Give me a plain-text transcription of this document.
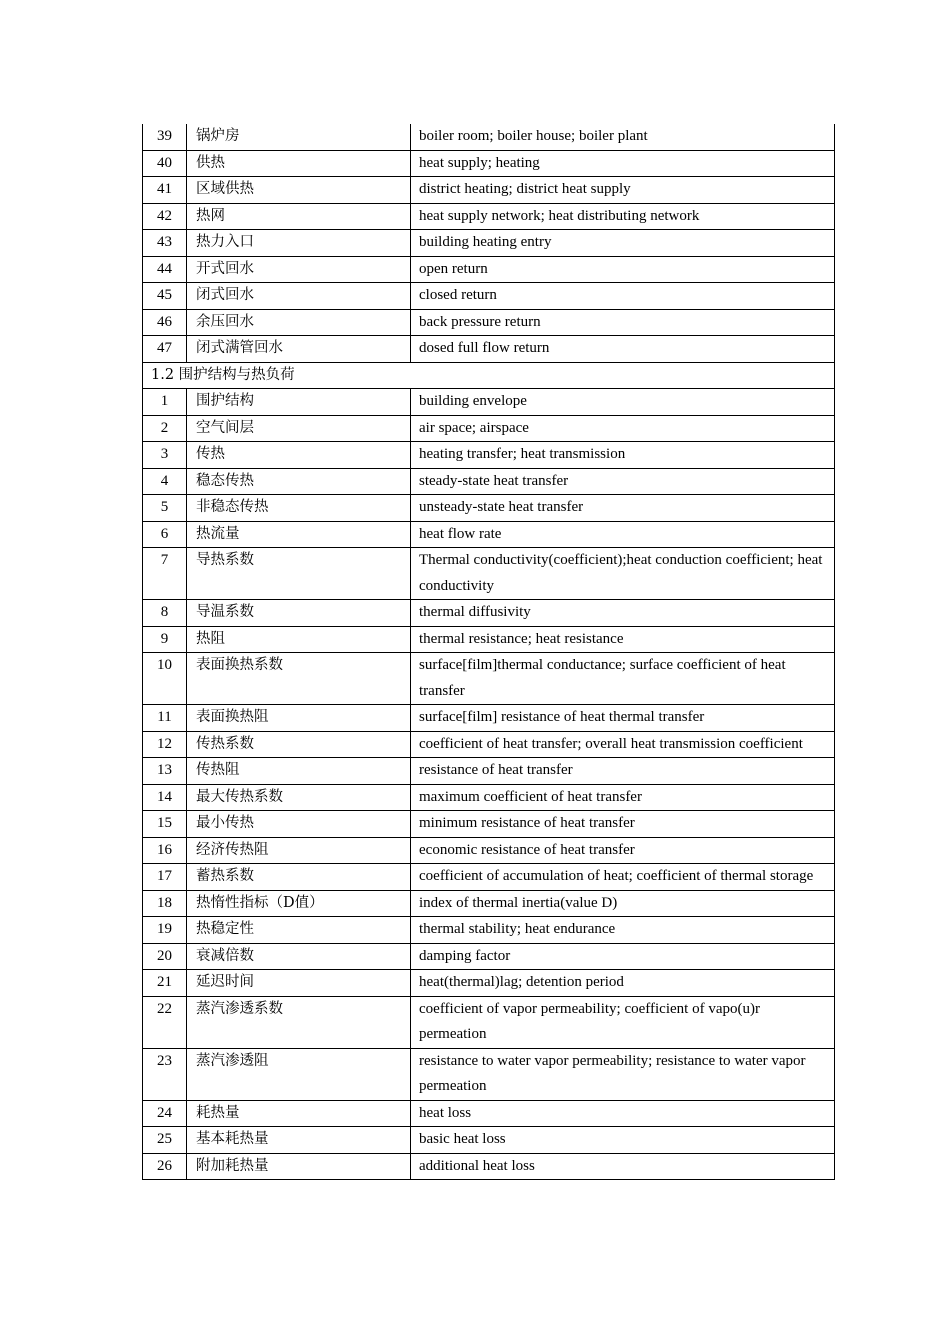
39	锅炉房	boiler room; boiler house; boiler plant
40	供热	heat supply; heating
41	区域供热	district heating; district heat supply
42	热网	heat supply network; heat distributing network
43	热力入口	building heating entry
44	开式回水	open return
45	闭式回水	closed return
46	余压回水	back pressure return
47	闭式满管回水	dosed full flow return
1.2 围护结构与热负荷		
1	围护结构	building envelope
2	空气间层	air space; airspace
3	传热	heating transfer; heat transmission
4	稳态传热	steady-state heat transfer
5	非稳态传热	unsteady-state heat transfer
6	热流量	heat flow rate
7	导热系数	Thermal conductivity(coefficient);heat conduction coefficient; heat conductivity
8	导温系数	thermal diffusivity
9	热阻	thermal resistance; heat resistance
10	表面换热系数	surface[film]thermal conductance; surface coefficient of heat transfer
11	表面换热阻	surface[film] resistance of heat thermal transfer
12	传热系数	coefficient of heat transfer; overall heat transmission coefficient
13	传热阻	resistance of heat transfer
14	最大传热系数	maximum coefficient of heat transfer
15	最小传热	minimum resistance of heat transfer
16	经济传热阻	economic resistance of heat transfer
17	蓄热系数	coefficient of accumulation of heat; coefficient of thermal storage
18	热惰性指标（D值）	index of thermal inertia(value D)
19	热稳定性	thermal stability; heat endurance
20	衰减倍数	damping factor
21	延迟时间	heat(thermal)lag; detention period
22	蒸汽渗透系数	coefficient of vapor permeability; coefficient of vapo(u)r permeation
23	蒸汽渗透阻	resistance to water vapor permeability; resistance to water vapor permeation
24	耗热量	heat loss
25	基本耗热量	basic heat loss
26	附加耗热量	additional heat loss
